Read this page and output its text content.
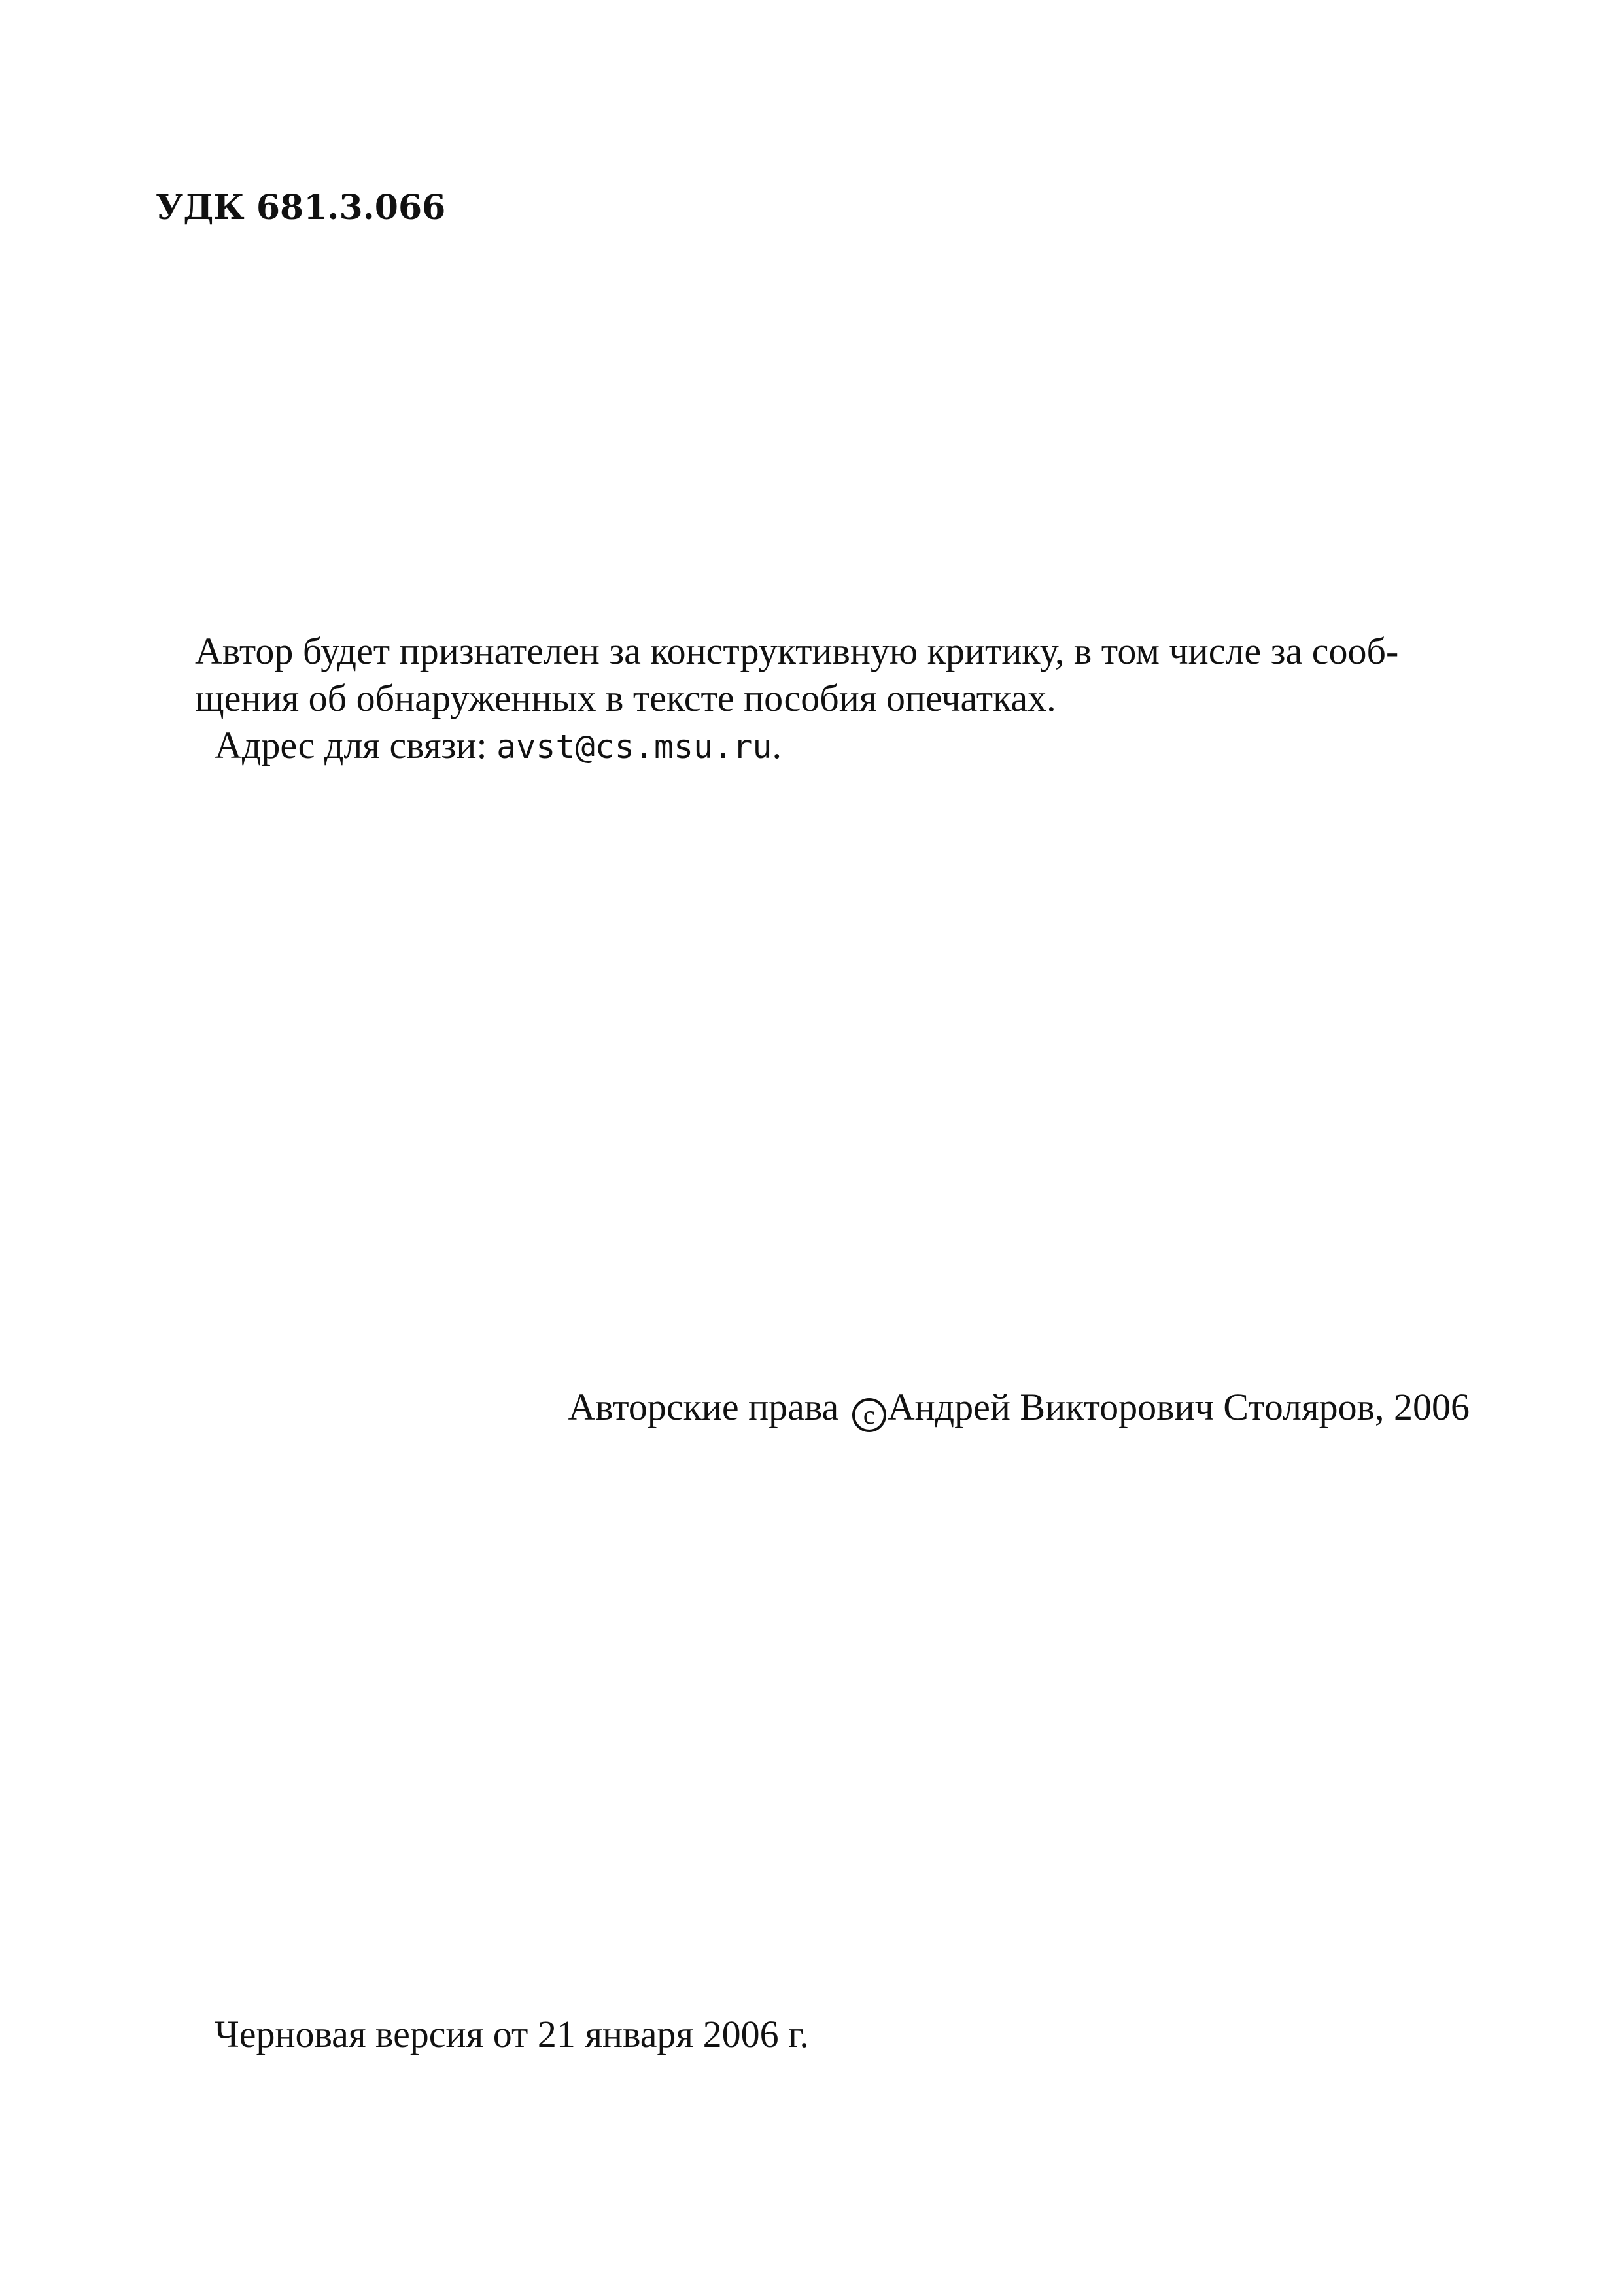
УДК 681.3.066
Автор будет признателен за конструктивную критику, в том числе за сооб-
щения об обнаруженных в тексте пособия опечатках.
Адрес для связи: avst@cs.msu.ru.
Авторские права c Андрей Викторович Столяров, 2006
Черновая версия от 21 января 2006 г.
